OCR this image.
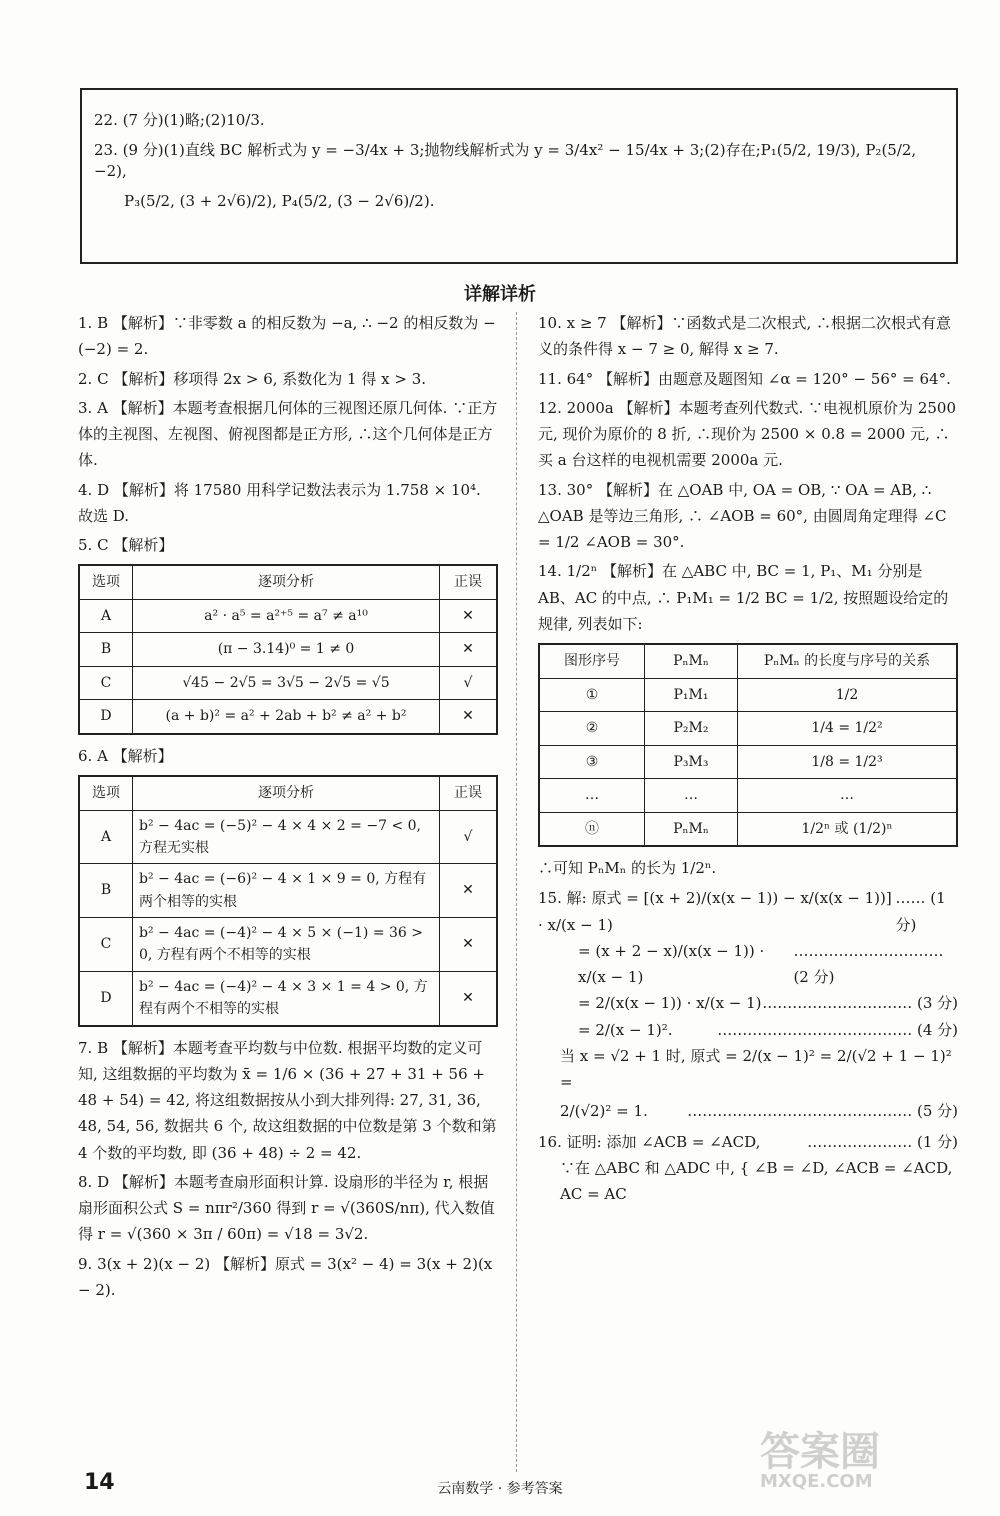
22. (7 分)(1)略;(2)10/3.

23. (9 分)(1)直线 BC 解析式为 y = −3/4x + 3;抛物线解析式为 y = 3/4x² − 15/4x + 3;(2)存在;P₁(5/2, 19/3), P₂(5/2, −2),

P₃(5/2, (3 + 2√6)/2), P₄(5/2, (3 − 2√6)/2).

详解详析
1. B 【解析】∵非零数 a 的相反数为 −a, ∴ −2 的相反数为 −(−2) = 2.
2. C 【解析】移项得 2x > 6, 系数化为 1 得 x > 3.
3. A 【解析】本题考查根据几何体的三视图还原几何体. ∵正方体的主视图、左视图、俯视图都是正方形, ∴这个几何体是正方体.
4. D 【解析】将 17580 用科学记数法表示为 1.758 × 10⁴. 故选 D.
5. C 【解析】
选项	逐项分析	正误
A	a² · a⁵ = a²⁺⁵ = a⁷ ≠ a¹⁰	✕
B	(π − 3.14)⁰ = 1 ≠ 0	✕
C	√45 − 2√5 = 3√5 − 2√5 = √5	√
D	(a + b)² = a² + 2ab + b² ≠ a² + b²	✕
6. A 【解析】
选项	逐项分析	正误
A	b² − 4ac = (−5)² − 4 × 4 × 2 = −7 < 0, 方程无实根	√
B	b² − 4ac = (−6)² − 4 × 1 × 9 = 0, 方程有两个相等的实根	✕
C	b² − 4ac = (−4)² − 4 × 5 × (−1) = 36 > 0, 方程有两个不相等的实根	✕
D	b² − 4ac = (−4)² − 4 × 3 × 1 = 4 > 0, 方程有两个不相等的实根	✕
7. B 【解析】本题考查平均数与中位数. 根据平均数的定义可知, 这组数据的平均数为 x̄ = 1/6 × (36 + 27 + 31 + 56 + 48 + 54) = 42, 将这组数据按从小到大排列得: 27, 31, 36, 48, 54, 56, 数据共 6 个, 故这组数据的中位数是第 3 个数和第 4 个数的平均数, 即 (36 + 48) ÷ 2 = 42.
8. D 【解析】本题考查扇形面积计算. 设扇形的半径为 r, 根据扇形面积公式 S = nπr²/360 得到 r = √(360S/nπ), 代入数值得 r = √(360 × 3π / 60π) = √18 = 3√2.
9. 3(x + 2)(x − 2) 【解析】原式 = 3(x² − 4) = 3(x + 2)(x − 2).
10. x ≥ 7 【解析】∵函数式是二次根式, ∴根据二次根式有意义的条件得 x − 7 ≥ 0, 解得 x ≥ 7.
11. 64° 【解析】由题意及题图知 ∠α = 120° − 56° = 64°.
12. 2000a 【解析】本题考查列代数式. ∵电视机原价为 2500 元, 现价为原价的 8 折, ∴现价为 2500 × 0.8 = 2000 元, ∴买 a 台这样的电视机需要 2000a 元.
13. 30° 【解析】在 △OAB 中, OA = OB, ∵ OA = AB, ∴ △OAB 是等边三角形, ∴ ∠AOB = 60°, 由圆周角定理得 ∠C = 1/2 ∠AOB = 30°.
14. 1/2ⁿ 【解析】在 △ABC 中, BC = 1, P₁、M₁ 分别是 AB、AC 的中点, ∴ P₁M₁ = 1/2 BC = 1/2, 按照题设给定的规律, 列表如下:
图形序号	PₙMₙ	PₙMₙ 的长度与序号的关系
①	P₁M₁	1/2
②	P₂M₂	1/4 = 1/2²
③	P₃M₃	1/8 = 1/2³
…	…	…
ⓝ	PₙMₙ	1/2ⁿ 或 (1/2)ⁿ
∴可知 PₙMₙ 的长为 1/2ⁿ.
15. 解: 原式 = [(x + 2)/(x(x − 1)) − x/(x(x − 1))] · x/(x − 1)
…… (1 分)
= (x + 2 − x)/(x(x − 1)) · x/(x − 1)
………………………… (2 分)
= 2/(x(x − 1)) · x/(x − 1) ………………………… (3 分)
= 2/(x − 1)².	………………………………… (4 分)
当 x = √2 + 1 时, 原式 = 2/(x − 1)² = 2/(√2 + 1 − 1)² =
2/(√2)² = 1.	……………………………………… (5 分)
16. 证明: 添加 ∠ACB = ∠ACD,	………………… (1 分)
∵在 △ABC 和 △ADC 中, { ∠B = ∠D, ∠ACB = ∠ACD, AC = AC
答案圈
MXQE.COM
14	云南数学 · 参考答案
